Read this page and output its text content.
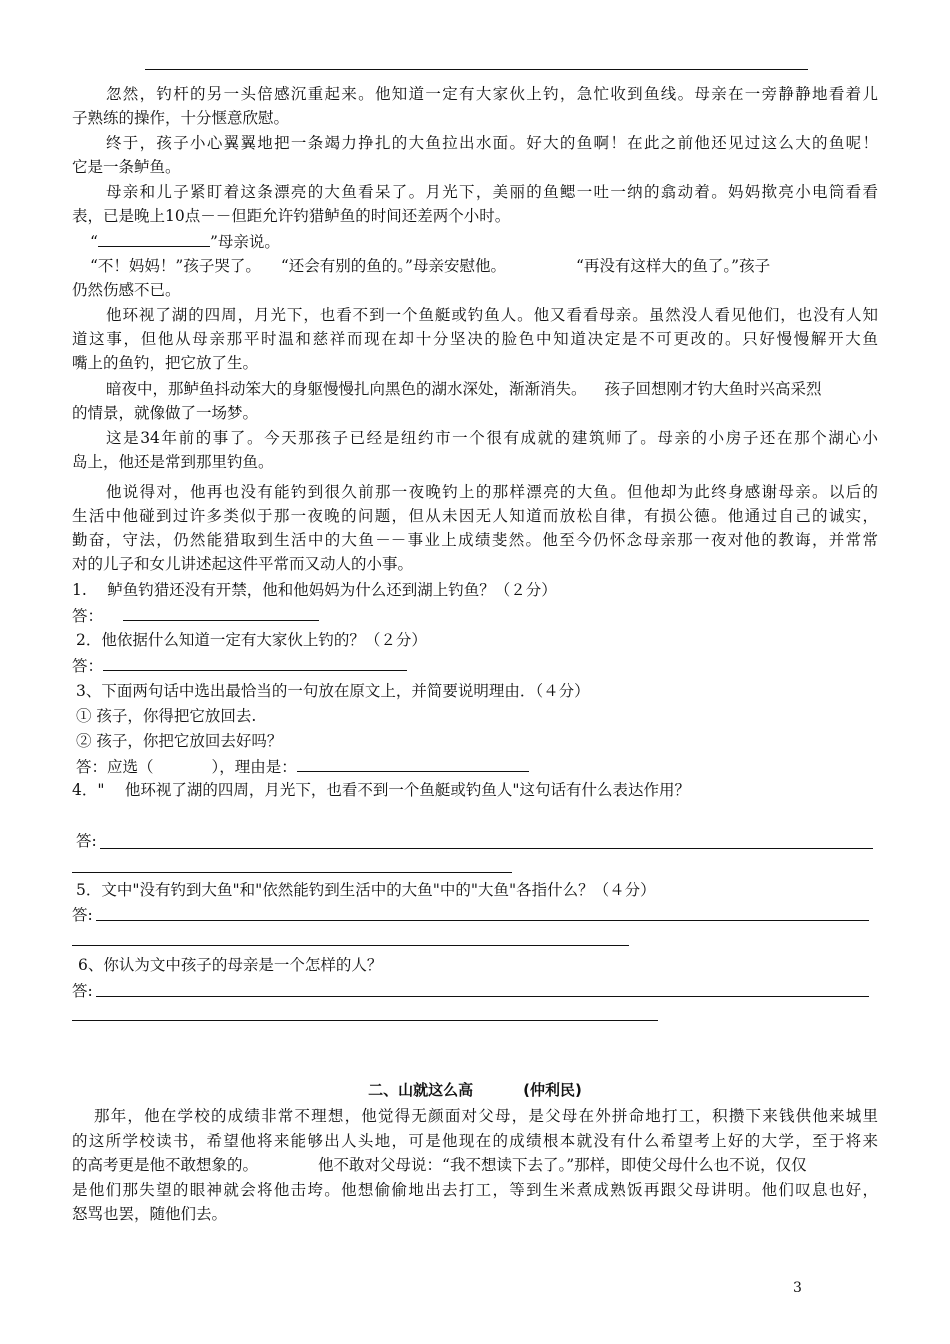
忽然，钓杆的另一头倍感沉重起来。他知道一定有大家伙上钓，急忙收到鱼线。母亲在一旁静静地看着儿
子熟练的操作，十分惬意欣慰。
终于，孩子小心翼翼地把一条竭力挣扎的大鱼拉出水面。好大的鱼啊！在此之前他还见过这么大的鱼呢！
它是一条鲈鱼。
母亲和儿子紧盯着这条漂亮的大鱼看呆了。月光下，美丽的鱼鳃一吐一纳的翕动着。妈妈揿亮小电筒看看
表，已是晚上10点－－但距允许钓猎鲈鱼的时间还差两个小时。
“	”母亲说。
“不！妈妈！”孩子哭了。 “还会有别的鱼的。”母亲安慰他。	“再没有这样大的鱼了。”孩子
仍然伤感不已。
他环视了湖的四周，月光下，也看不到一个鱼艇或钓鱼人。他又看看母亲。虽然没人看见他们，也没有人知
道这事，但他从母亲那平时温和慈祥而现在却十分坚决的脸色中知道决定是不可更改的。只好慢慢解开大鱼
嘴上的鱼钓，把它放了生。
暗夜中，那鲈鱼抖动笨大的身躯慢慢扎向黑色的湖水深处，渐渐消失。 孩子回想刚才钓大鱼时兴高采烈
的情景，就像做了一场梦。
这是34年前的事了。今天那孩子已经是纽约市一个很有成就的建筑师了。母亲的小房子还在那个湖心小
岛上，他还是常到那里钓鱼。
他说得对，他再也没有能钓到很久前那一夜晚钓上的那样漂亮的大鱼。但他却为此终身感谢母亲。以后的
生活中他碰到过许多类似于那一夜晚的问题，但从未因无人知道而放松自律，有损公德。他通过自己的诚实，
勤奋，守法，仍然能猎取到生活中的大鱼－－事业上成绩斐然。他至今仍怀念母亲那一夜对他的教诲，并常常
对的儿子和女儿讲述起这件平常而又动人的小事。
1.　 鲈鱼钓猎还没有开禁，他和他妈妈为什么还到湖上钓鱼？（２分）
答：
2．他依据什么知道一定有大家伙上钓的？（２分）
答：
3、下面两句话中选出最恰当的一句放在原文上，并简要说明理由．（４分）
① 孩子，你得把它放回去.
② 孩子，你把它放回去好吗？
答：应选（	），理由是：
4．"　 他环视了湖的四周，月光下，也看不到一个鱼艇或钓鱼人"这句话有什么表达作用？
答:
5．文中"没有钓到大鱼"和"依然能钓到生活中的大鱼"中的"大鱼"各指什么？（４分）
答:
6、你认为文中孩子的母亲是一个怎样的人？
答:
二、山就这么高	(仲利民)
那年，他在学校的成绩非常不理想，他觉得无颜面对父母，是父母在外拼命地打工，积攒下来钱供他来城里
的这所学校读书，希望他将来能够出人头地，可是他现在的成绩根本就没有什么希望考上好的大学，至于将来
的高考更是他不敢想象的。	他不敢对父母说：“我不想读下去了。”那样，即使父母什么也不说，仅仅
是他们那失望的眼神就会将他击垮。他想偷偷地出去打工，等到生米煮成熟饭再跟父母讲明。他们叹息也好，
怒骂也罢，随他们去。
3
